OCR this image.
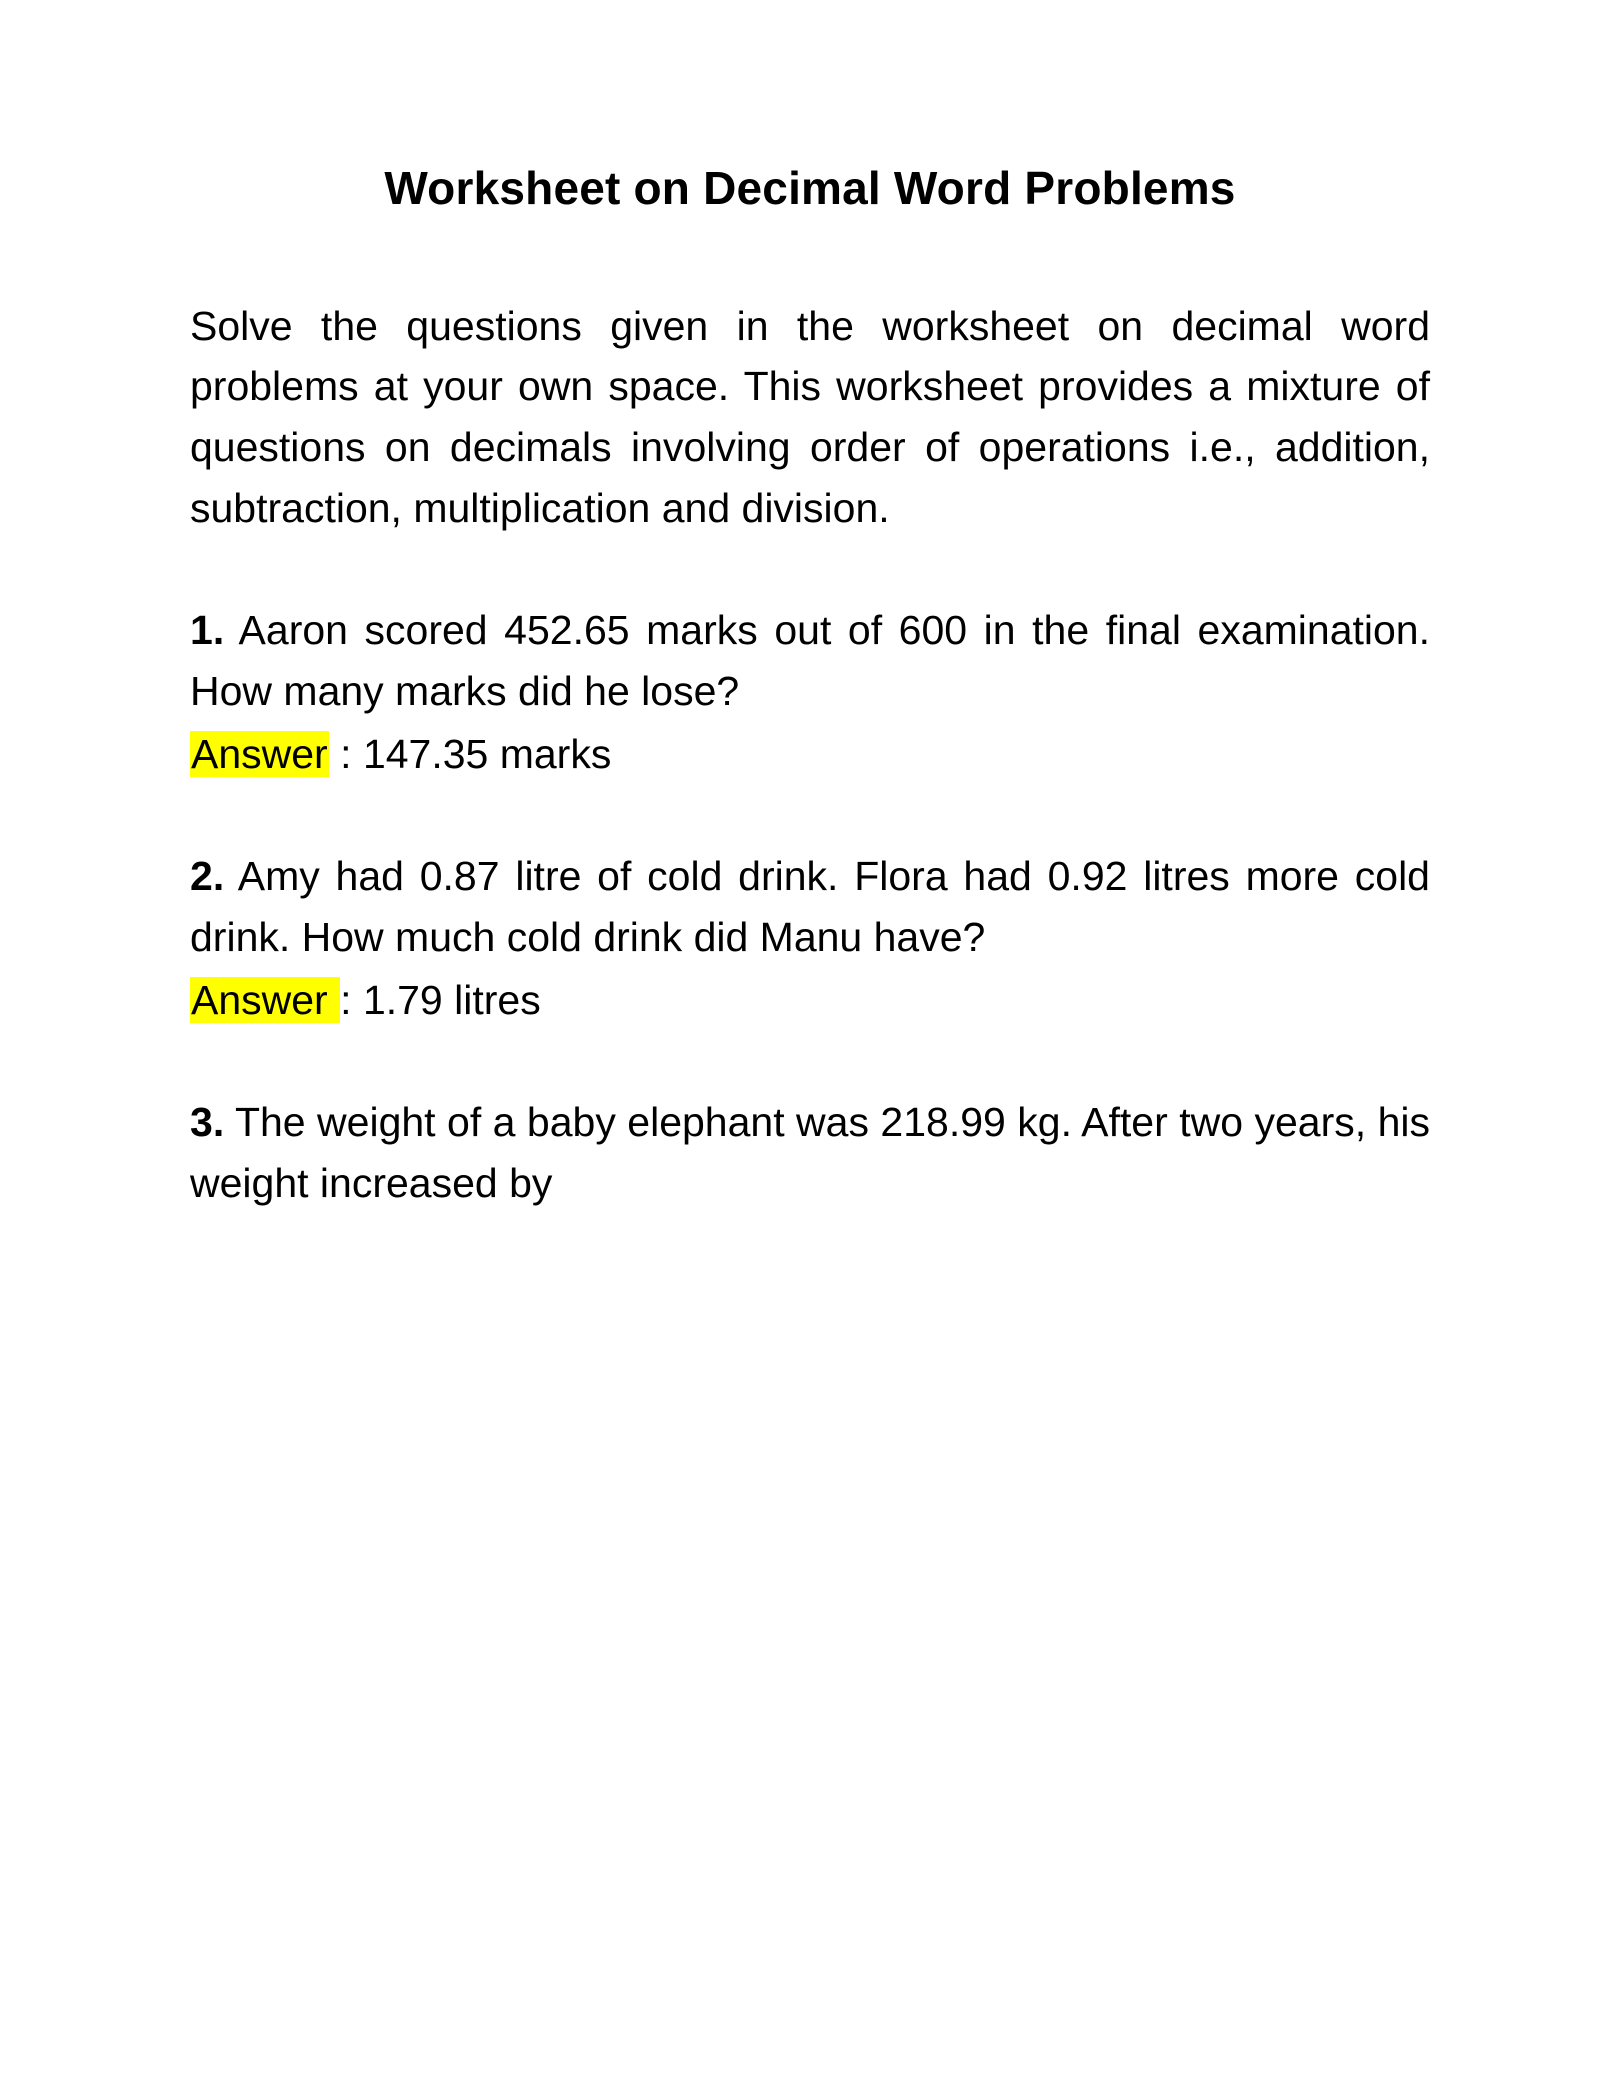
Worksheet on Decimal Word Problems

Solve the questions given in the worksheet on decimal word problems at your own space. This worksheet provides a mixture of questions on decimals involving order of operations i.e., addition, subtraction, multiplication and division.

1. Aaron scored 452.65 marks out of 600 in the final examination. How many marks did he lose?
Answer : 147.35 marks
2. Amy had 0.87 litre of cold drink. Flora had 0.92 litres more cold drink. How much cold drink did Manu have?
Answer : 1.79 litres
3. The weight of a baby elephant was 218.99 kg. After two years, his weight increased by
